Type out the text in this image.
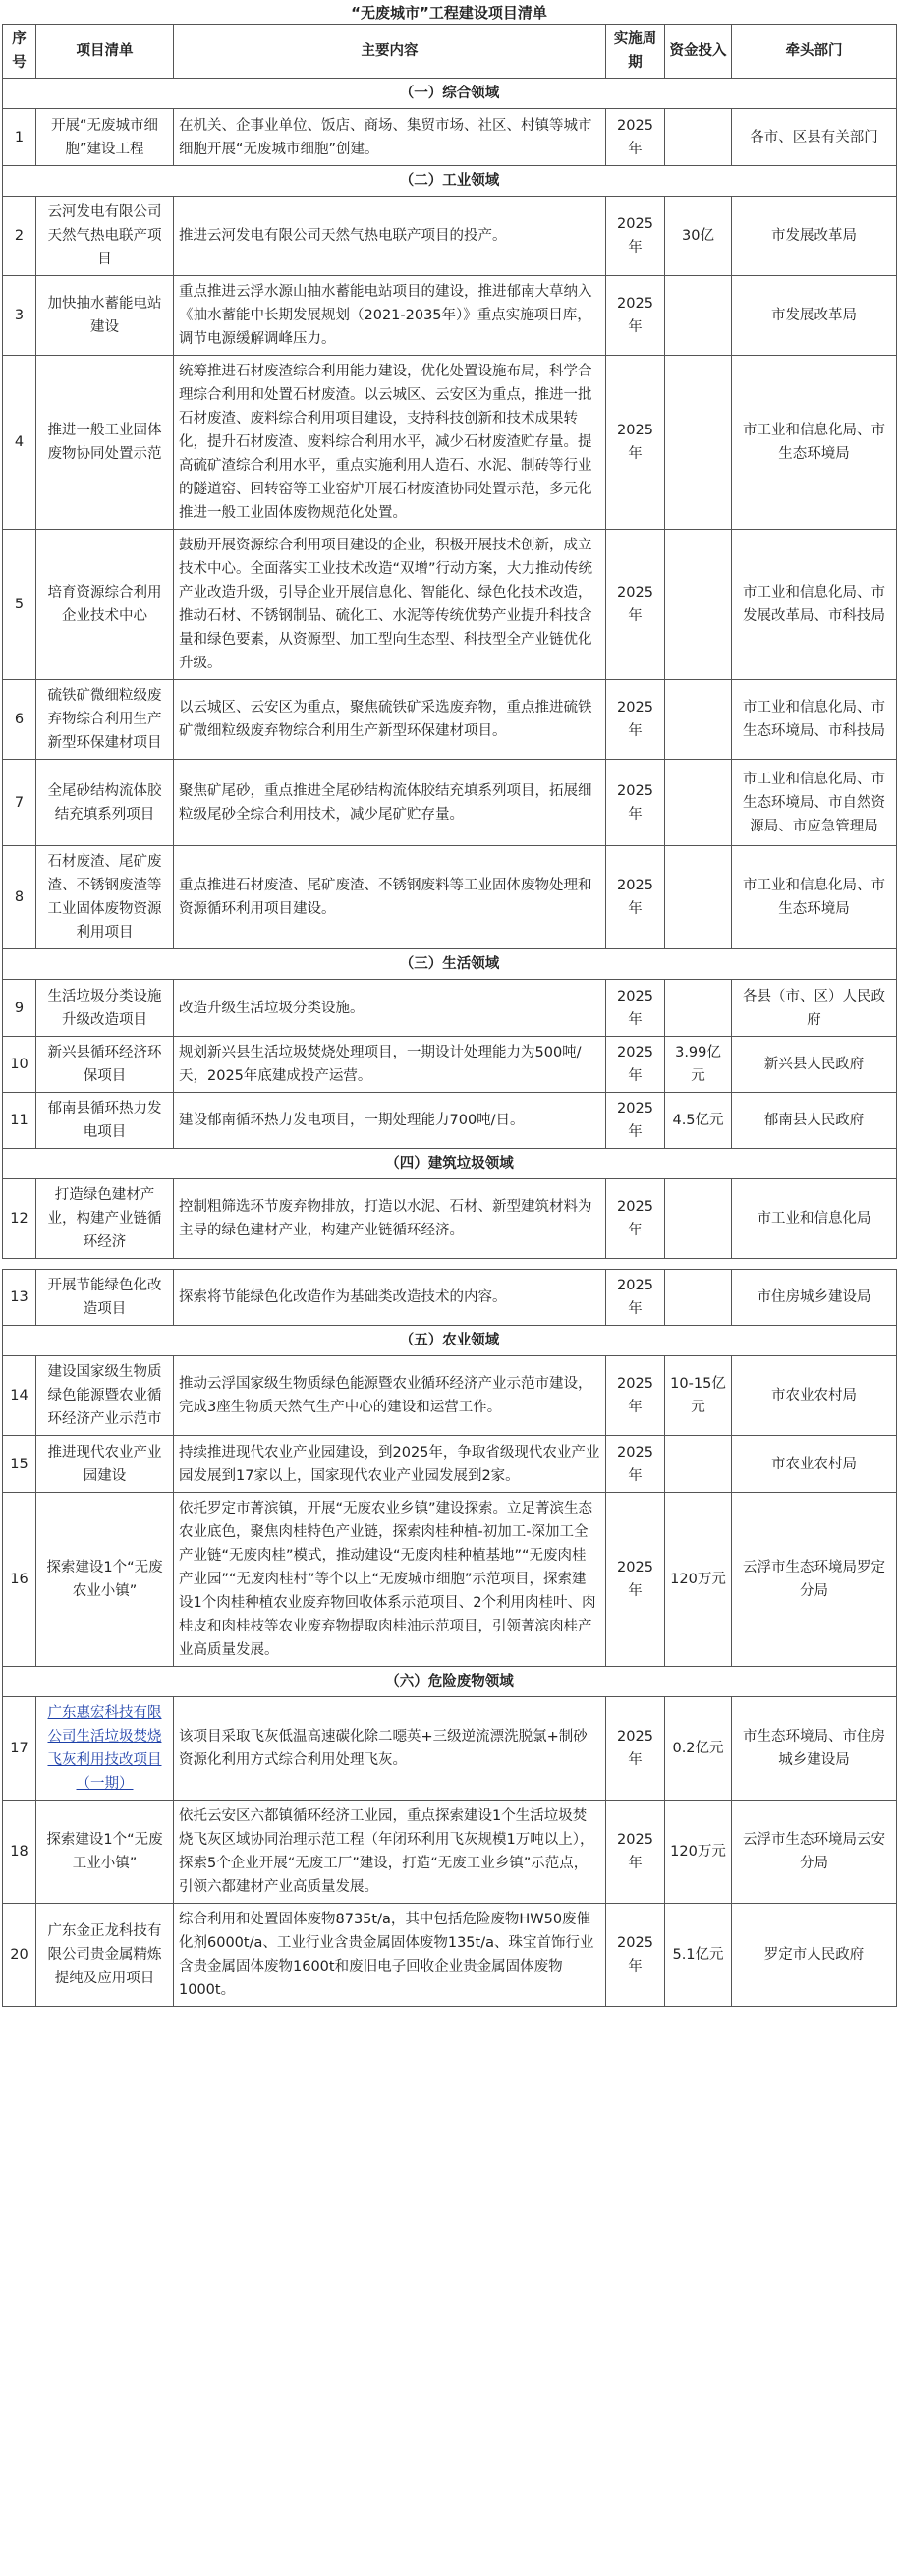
“无废城市”工程建设项目清单
序号	项目清单	主要内容	实施周期	资金投入	牵头部门
（一）综合领域					
1	开展“无废城市细胞”建设工程	在机关、企事业单位、饭店、商场、集贸市场、社区、村镇等城市细胞开展“无废城市细胞”创建。	2025年		各市、区县有关部门
（二）工业领域					
2	云河发电有限公司天然气热电联产项目	推进云河发电有限公司天然气热电联产项目的投产。	2025年	30亿	市发展改革局
3	加快抽水蓄能电站建设	重点推进云浮水源山抽水蓄能电站项目的建设，推进郁南大草纳入《抽水蓄能中长期发展规划（2021-2035年）》重点实施项目库，调节电源缓解调峰压力。	2025年		市发展改革局
4	推进一般工业固体废物协同处置示范	统筹推进石材废渣综合利用能力建设，优化处置设施布局，科学合理综合利用和处置石材废渣。以云城区、云安区为重点，推进一批石材废渣、废料综合利用项目建设，支持科技创新和技术成果转化，提升石材废渣、废料综合利用水平，减少石材废渣贮存量。提高硫矿渣综合利用水平，重点实施利用人造石、水泥、制砖等行业的隧道窑、回转窑等工业窑炉开展石材废渣协同处置示范，多元化推进一般工业固体废物规范化处置。	2025年		市工业和信息化局、市生态环境局
5	培育资源综合利用企业技术中心	鼓励开展资源综合利用项目建设的企业，积极开展技术创新，成立技术中心。全面落实工业技术改造“双增”行动方案，大力推动传统产业改造升级，引导企业开展信息化、智能化、绿色化技术改造，推动石材、不锈钢制品、硫化工、水泥等传统优势产业提升科技含量和绿色要素，从资源型、加工型向生态型、科技型全产业链优化升级。	2025年		市工业和信息化局、市发展改革局、市科技局
6	硫铁矿微细粒级废弃物综合利用生产新型环保建材项目	以云城区、云安区为重点，聚焦硫铁矿采选废弃物，重点推进硫铁矿微细粒级废弃物综合利用生产新型环保建材项目。	2025年		市工业和信息化局、市生态环境局、市科技局
7	全尾砂结构流体胶结充填系列项目	聚焦矿尾砂，重点推进全尾砂结构流体胶结充填系列项目，拓展细粒级尾砂全综合利用技术，减少尾矿贮存量。	2025年		市工业和信息化局、市生态环境局、市自然资源局、市应急管理局
8	石材废渣、尾矿废渣、不锈钢废渣等工业固体废物资源利用项目	重点推进石材废渣、尾矿废渣、不锈钢废料等工业固体废物处理和资源循环利用项目建设。	2025年		市工业和信息化局、市生态环境局
（三）生活领域					
9	生活垃圾分类设施升级改造项目	改造升级生活垃圾分类设施。	2025年		各县（市、区）人民政府
10	新兴县循环经济环保项目	规划新兴县生活垃圾焚烧处理项目，一期设计处理能力为500吨/天，2025年底建成投产运营。	2025年	3.99亿元	新兴县人民政府
11	郁南县循环热力发电项目	建设郁南循环热力发电项目，一期处理能力700吨/日。	2025年	4.5亿元	郁南县人民政府
（四）建筑垃圾领域					
12	打造绿色建材产业，构建产业链循环经济	控制粗筛选环节废弃物排放，打造以水泥、石材、新型建筑材料为主导的绿色建材产业，构建产业链循环经济。	2025年		市工业和信息化局

13	开展节能绿色化改造项目	探索将节能绿色化改造作为基础类改造技术的内容。	2025年		市住房城乡建设局
（五）农业领域					
14	建设国家级生物质绿色能源暨农业循环经济产业示范市	推动云浮国家级生物质绿色能源暨农业循环经济产业示范市建设，完成3座生物质天然气生产中心的建设和运营工作。	2025年	10-15亿元	市农业农村局
15	推进现代农业产业园建设	持续推进现代农业产业园建设，到2025年，争取省级现代农业产业园发展到17家以上，国家现代农业产业园发展到2家。	2025年		市农业农村局
16	探索建设1个“无废农业小镇”	依托罗定市菁滨镇，开展“无废农业乡镇”建设探索。立足菁滨生态农业底色，聚焦肉桂特色产业链，探索肉桂种植-初加工-深加工全产业链“无废肉桂”模式，推动建设“无废肉桂种植基地”“无废肉桂产业园”“无废肉桂村”等个以上“无废城市细胞”示范项目，探索建设1个肉桂种植农业废弃物回收体系示范项目、2个利用肉桂叶、肉桂皮和肉桂枝等农业废弃物提取肉桂油示范项目，引领菁滨肉桂产业高质量发展。	2025年	120万元	云浮市生态环境局罗定分局
（六）危险废物领域					
17	广东惠宏科技有限公司生活垃圾焚烧飞灰利用技改项目（一期）	该项目采取飞灰低温高速碳化除二噁英+三级逆流漂洗脱氯+制砂资源化利用方式综合利用处理飞灰。	2025年	0.2亿元	市生态环境局、市住房城乡建设局
18	探索建设1个“无废工业小镇”	依托云安区六都镇循环经济工业园，重点探索建设1个生活垃圾焚烧飞灰区域协同治理示范工程（年闭环利用飞灰规模1万吨以上），探索5个企业开展“无废工厂”建设，打造“无废工业乡镇”示范点，引领六都建材产业高质量发展。	2025年	120万元	云浮市生态环境局云安分局
20	广东金正龙科技有限公司贵金属精炼提纯及应用项目	综合利用和处置固体废物8735t/a，其中包括危险废物HW50废催化剂6000t/a、工业行业含贵金属固体废物135t/a、珠宝首饰行业含贵金属固体废物1600t和废旧电子回收企业贵金属固体废物1000t。	2025年	5.1亿元	罗定市人民政府
